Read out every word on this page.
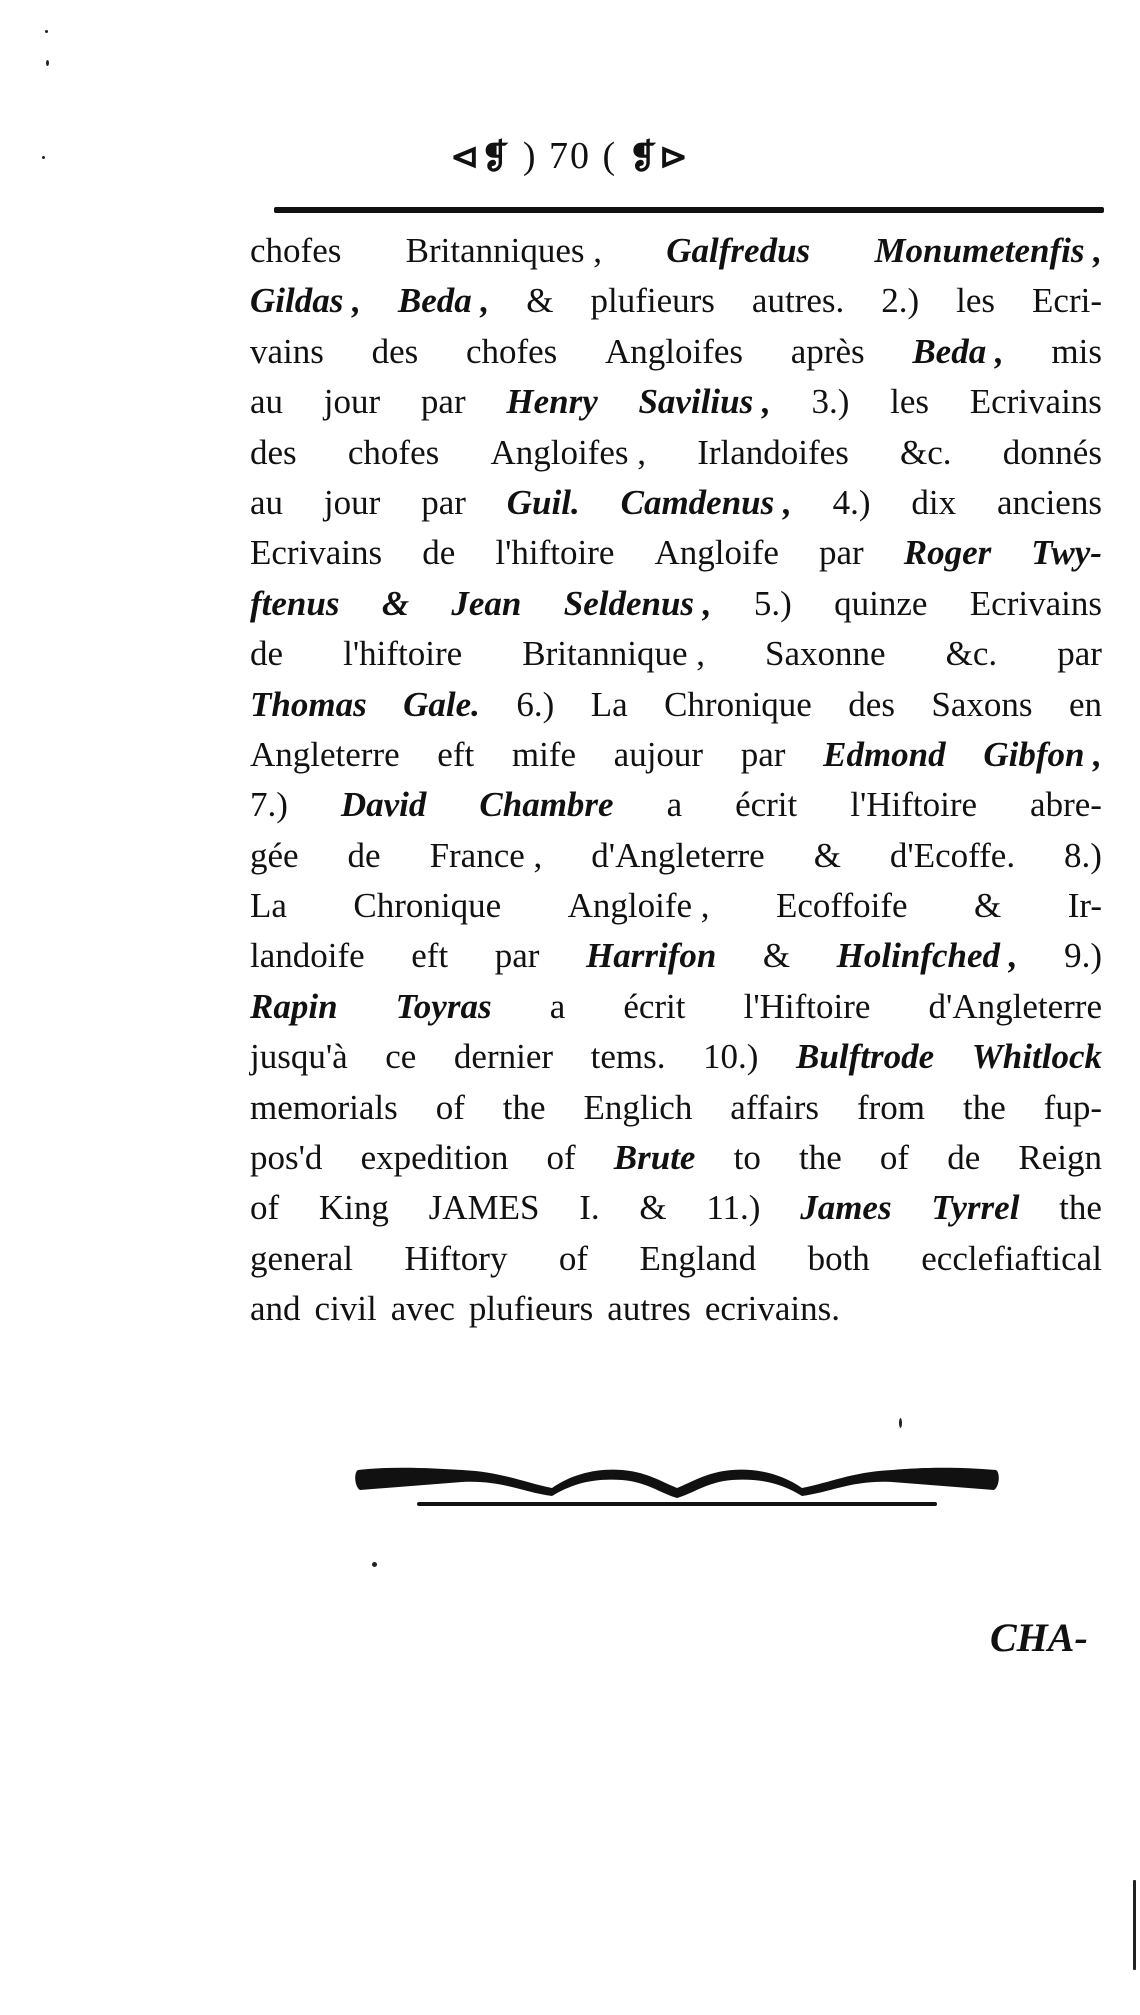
⊲❡ ) 70 ( ❡⊳
chofes Britanniques , Galfredus Monumetenfis ,
Gildas , Beda , & plufieurs autres. 2.) les Ecri-
vains des chofes Angloifes après Beda , mis
au jour par Henry Savilius , 3.) les Ecrivains
des chofes Angloifes , Irlandoifes &c. donnés
au jour par Guil. Camdenus , 4.) dix anciens
Ecrivains de l'hiftoire Angloife par Roger Twy-
ftenus & Jean Seldenus , 5.) quinze Ecrivains
de l'hiftoire Britannique , Saxonne &c. par
Thomas Gale. 6.) La Chronique des Saxons en
Angleterre eft mife aujour par Edmond Gibfon ,
7.) David Chambre a écrit l'Hiftoire abre-
gée de France , d'Angleterre & d'Ecoffe. 8.)
La Chronique Angloife , Ecoffoife & Ir-
landoife eft par Harrifon & Holinfched , 9.)
Rapin Toyras a écrit l'Hiftoire d'Angleterre
jusqu'à ce dernier tems. 10.) Bulftrode Whitlock
memorials of the Englich affairs from the fup-
pos'd expedition of Brute to the of de Reign
of King JAMES I. & 11.) James Tyrrel the
general Hiftory of England both ecclefiaftical
and civil avec plufieurs autres ecrivains.
CHA-
